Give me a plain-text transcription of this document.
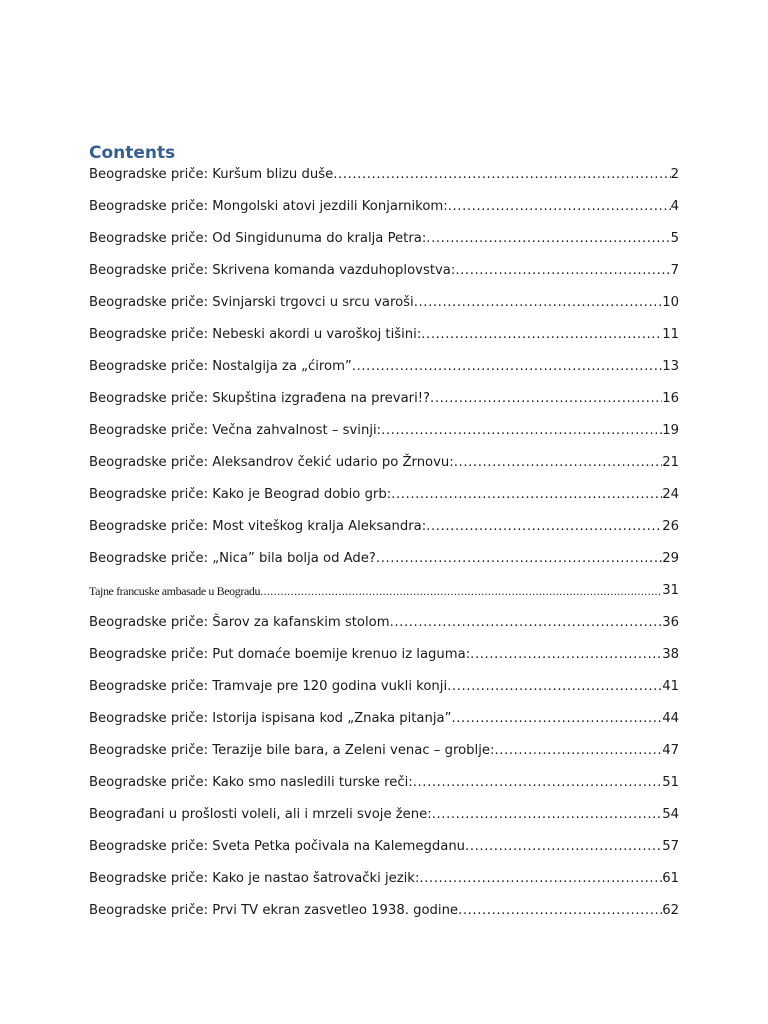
Contents
Beogradske priče: Kuršum blizu duše .....	2
Beogradske priče: Mongolski atovi jezdili Konjarnikom: .....	4
Beogradske priče: Od Singidunuma do kralja Petra: .....	5
Beogradske priče: Skrivena komanda vazduhoplovstva: .....	7
Beogradske priče: Svinjarski trgovci u srcu varoši .....	10
Beogradske priče: Nebeski akordi u varoškoj tišini: .....	11
Beogradske priče: Nostalgija za „ćirom” .....	13
Beogradske priče: Skupština izgrađena na prevari!? .....	16
Beogradske priče: Večna zahvalnost – svinji: .....	19
Beogradske priče: Aleksandrov čekić udario po Žrnovu: .....	21
Beogradske priče: Kako je Beograd dobio grb: .....	24
Beogradske priče: Most viteškog kralja Aleksandra: .....	26
Beogradske priče: „Nica” bila bolja od Ade? .....	29
Tajne francuske ambasade u Beogradu .....	31
Beogradske priče: Šarov za kafanskim stolom .....	36
Beogradske priče: Put domaće boemije krenuo iz laguma: .....	38
Beogradske priče: Tramvaje pre 120 godina vukli konji .....	41
Beogradske priče: Istorija ispisana kod „Znaka pitanja” .....	44
Beogradske priče: Terazije bile bara, a Zeleni venac – groblje: .....	47
Beogradske priče: Kako smo nasledili turske reči: .....	51
Beograđani u prošlosti voleli, ali i mrzeli svoje žene: .....	54
Beogradske priče: Sveta Petka počivala na Kalemegdanu .....	57
Beogradske priče: Kako je nastao šatrovački jezik: .....	61
Beogradske priče: Prvi TV ekran zasvetleo 1938. godine .....	62
